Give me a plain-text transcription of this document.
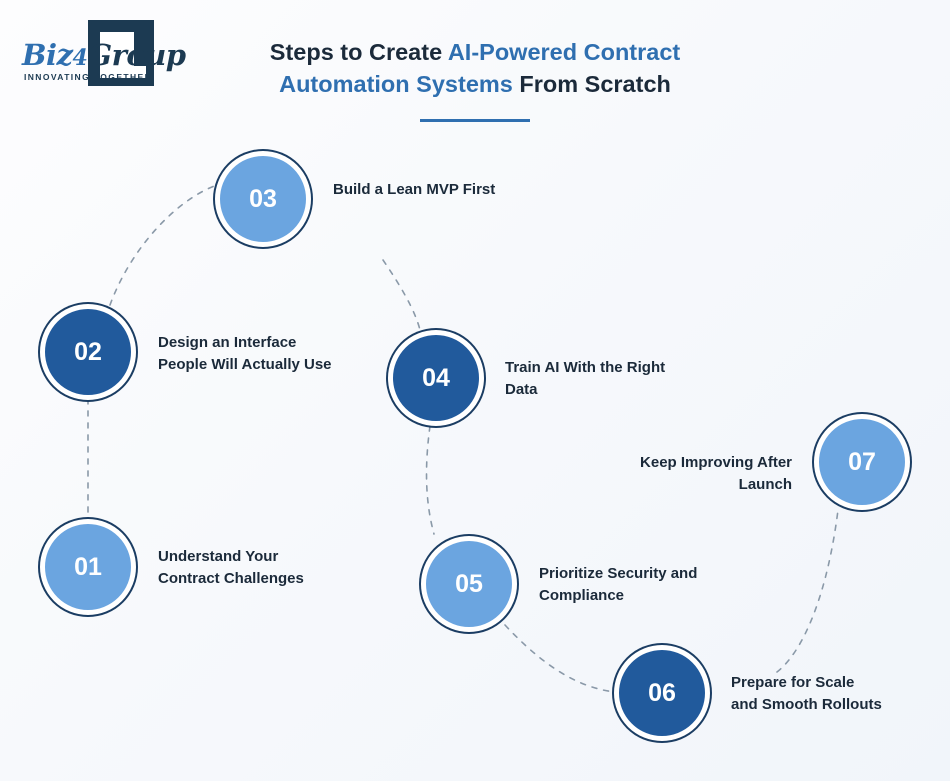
Biz4Group
INNOVATING TOGETHER
Steps to Create AI-Powered Contract
Automation Systems From Scratch
01	Understand Your
Contract Challenges
02	Design an Interface
People Will Actually Use
03	Build a Lean MVP First
04	Train AI With the Right
Data
05	Prioritize Security and
Compliance
06	Prepare for Scale
and Smooth Rollouts
07
Keep Improving After
Launch
